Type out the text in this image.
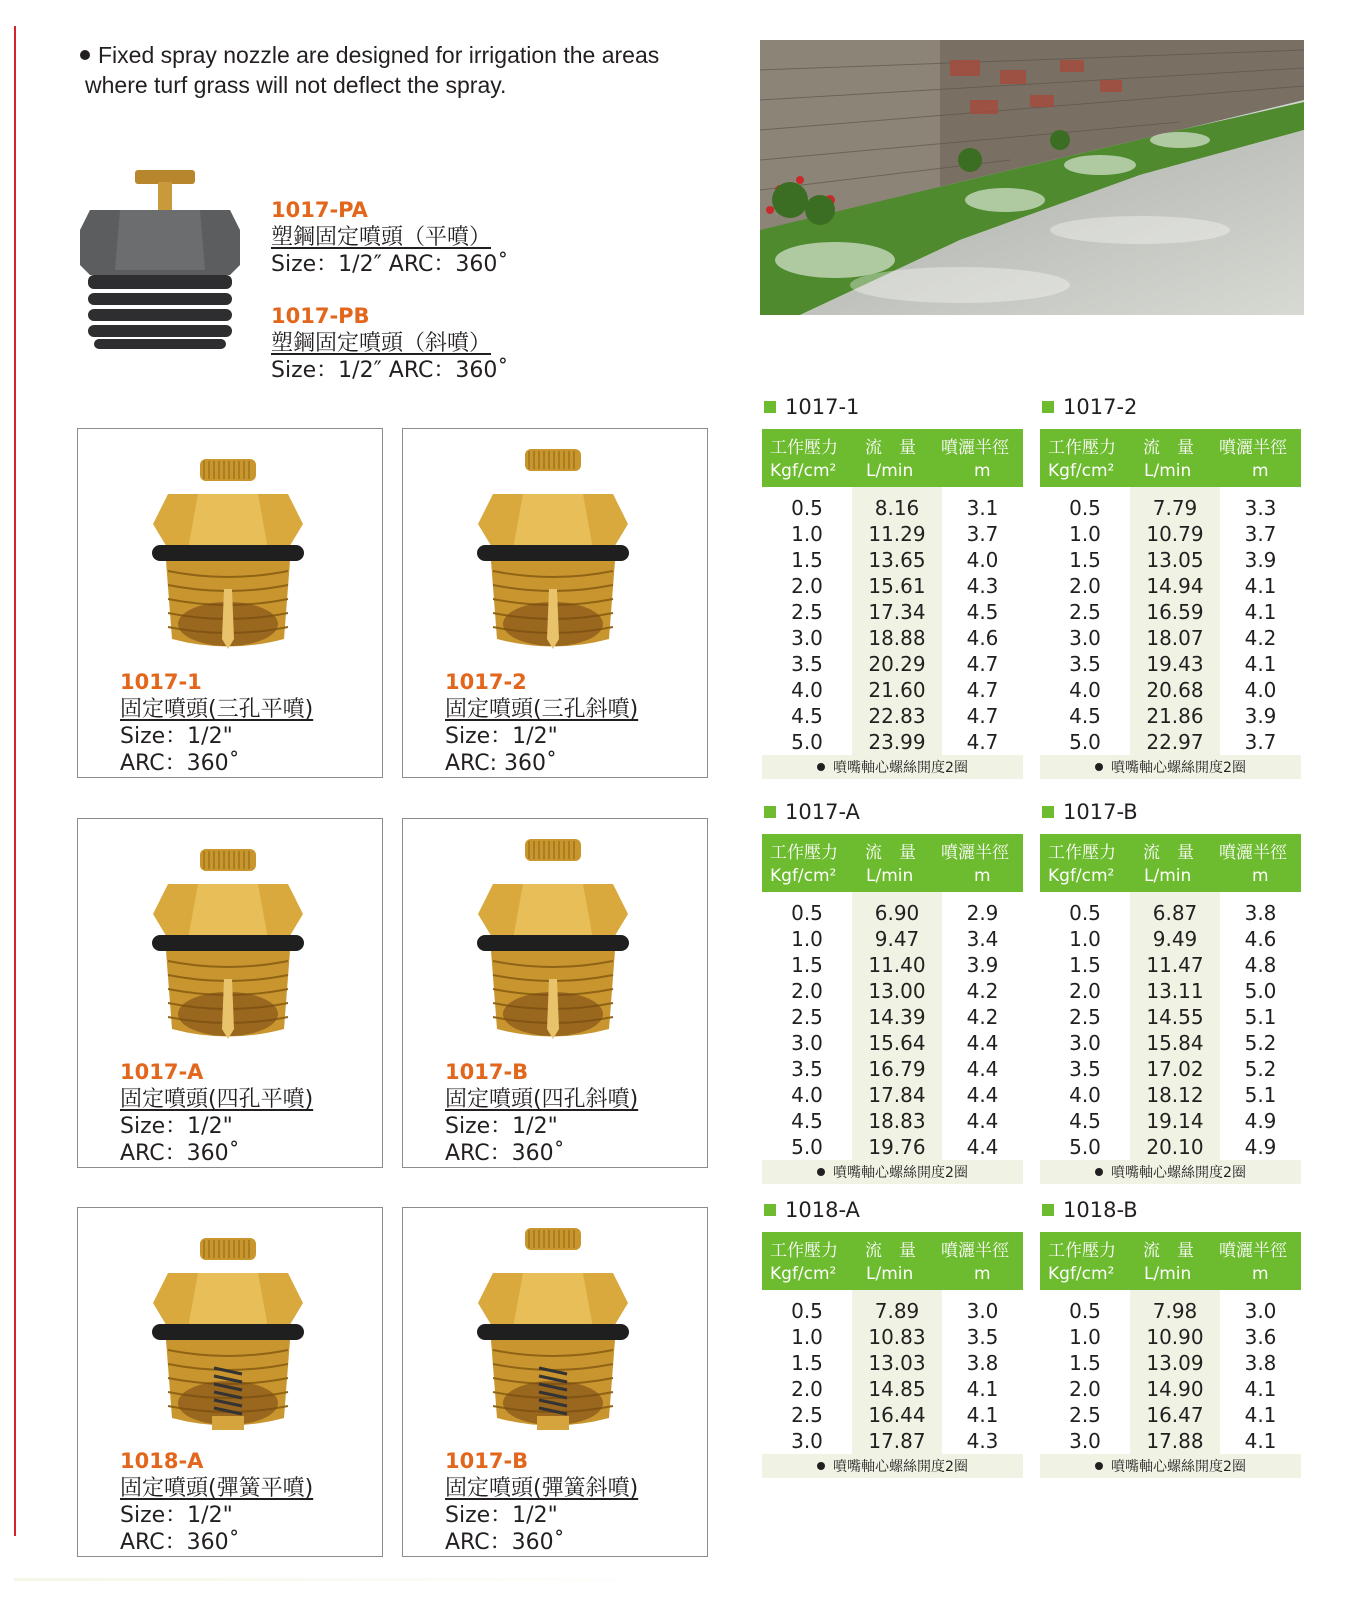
Fixed spray nozzle are designed for irrigation the areas
where turf grass will not deflect the spray.
1017-PA
塑鋼固定噴頭（平噴）
Size：1/2″ ARC：360˚
1017-PB
塑鋼固定噴頭（斜噴）
Size：1/2″ ARC：360˚
1017-1
固定噴頭(三孔平噴)
Size：1/2"
ARC：360˚
1017-2
固定噴頭(三孔斜噴)
Size：1/2"
ARC: 360˚
1017-A
固定噴頭(四孔平噴)
Size：1/2"
ARC：360˚
1017-B
固定噴頭(四孔斜噴)
Size：1/2"
ARC：360˚
1018-A
固定噴頭(彈簧平噴)
Size：1/2"
ARC：360˚
1017-B
固定噴頭(彈簧斜噴)
Size：1/2"
ARC：360˚
1017-1
工作壓力 流　量 噴灑半徑
Kgf/cm² L/min	m
0.5	8.16	3.1
1.0	11.29	3.7
1.5	13.65	4.0
2.0	15.61	4.3
2.5	17.34	4.5
3.0	18.88	4.6
3.5	20.29	4.7
4.0	21.60	4.7
4.5	22.83	4.7
5.0	23.99	4.7
噴嘴軸心螺絲開度2圈
1017-2
工作壓力 流　量 噴灑半徑
Kgf/cm² L/min	m
0.5	7.79	3.3
1.0	10.79	3.7
1.5	13.05	3.9
2.0	14.94	4.1
2.5	16.59	4.1
3.0	18.07	4.2
3.5	19.43	4.1
4.0	20.68	4.0
4.5	21.86	3.9
5.0	22.97	3.7
噴嘴軸心螺絲開度2圈
1017-A
工作壓力 流　量 噴灑半徑
Kgf/cm² L/min	m
0.5	6.90	2.9
1.0	9.47	3.4
1.5	11.40	3.9
2.0	13.00	4.2
2.5	14.39	4.2
3.0	15.64	4.4
3.5	16.79	4.4
4.0	17.84	4.4
4.5	18.83	4.4
5.0	19.76	4.4
噴嘴軸心螺絲開度2圈
1017-B
工作壓力 流　量 噴灑半徑
Kgf/cm² L/min	m
0.5	6.87	3.8
1.0	9.49	4.6
1.5	11.47	4.8
2.0	13.11	5.0
2.5	14.55	5.1
3.0	15.84	5.2
3.5	17.02	5.2
4.0	18.12	5.1
4.5	19.14	4.9
5.0	20.10	4.9
噴嘴軸心螺絲開度2圈
1018-A
工作壓力 流　量 噴灑半徑
Kgf/cm² L/min	m
0.5	7.89	3.0
1.0	10.83	3.5
1.5	13.03	3.8
2.0	14.85	4.1
2.5	16.44	4.1
3.0	17.87	4.3
噴嘴軸心螺絲開度2圈
1018-B
工作壓力 流　量 噴灑半徑
Kgf/cm² L/min	m
0.5	7.98	3.0
1.0	10.90	3.6
1.5	13.09	3.8
2.0	14.90	4.1
2.5	16.47	4.1
3.0	17.88	4.1
噴嘴軸心螺絲開度2圈
